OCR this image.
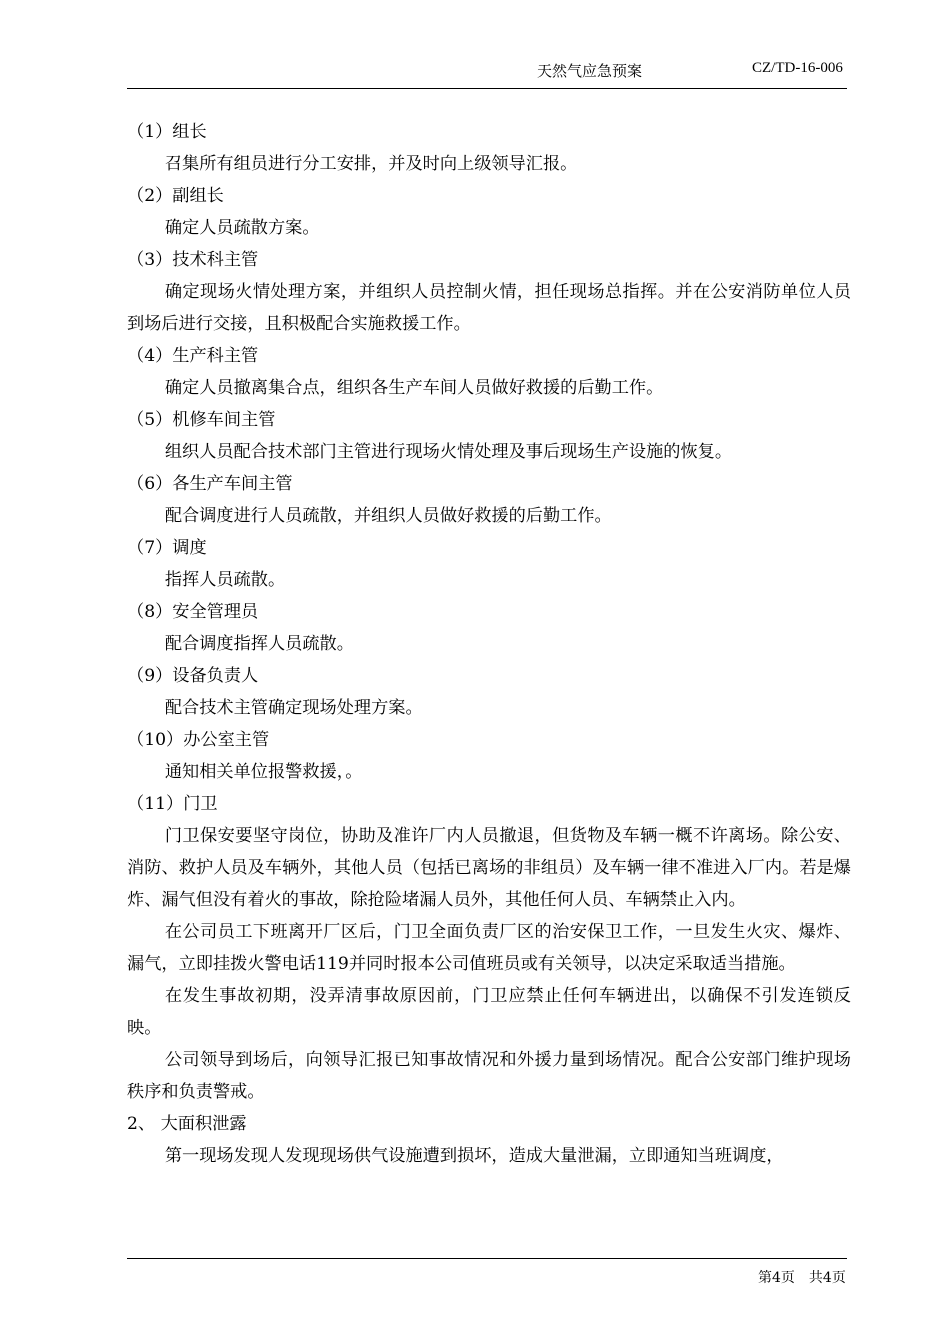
天然气应急预案	CZ/TD-16-006

（1）组长

召集所有组员进行分工安排，并及时向上级领导汇报。

（2）副组长

确定人员疏散方案。

（3）技术科主管

确定现场火情处理方案，并组织人员控制火情，担任现场总指挥。并在公安消防单位人员到场后进行交接，且积极配合实施救援工作。

（4）生产科主管

确定人员撤离集合点，组织各生产车间人员做好救援的后勤工作。

（5）机修车间主管

组织人员配合技术部门主管进行现场火情处理及事后现场生产设施的恢复。

（6）各生产车间主管

配合调度进行人员疏散，并组织人员做好救援的后勤工作。

（7）调度

指挥人员疏散。

（8）安全管理员

配合调度指挥人员疏散。

（9）设备负责人

配合技术主管确定现场处理方案。

（10）办公室主管

通知相关单位报警救援，。

（11）门卫

门卫保安要坚守岗位，协助及准许厂内人员撤退，但货物及车辆一概不许离场。除公安、消防、救护人员及车辆外，其他人员（包括已离场的非组员）及车辆一律不准进入厂内。若是爆炸、漏气但没有着火的事故，除抢险堵漏人员外，其他任何人员、车辆禁止入内。

在公司员工下班离开厂区后，门卫全面负责厂区的治安保卫工作，一旦发生火灾、爆炸、漏气，立即挂拨火警电话119并同时报本公司值班员或有关领导，以决定采取适当措施。

在发生事故初期，没弄清事故原因前，门卫应禁止任何车辆进出，以确保不引发连锁反映。

公司领导到场后，向领导汇报已知事故情况和外援力量到场情况。配合公安部门维护现场秩序和负责警戒。

2、 大面积泄露

第一现场发现人发现现场供气设施遭到损坏，造成大量泄漏，立即通知当班调度，

第4页　共4页
